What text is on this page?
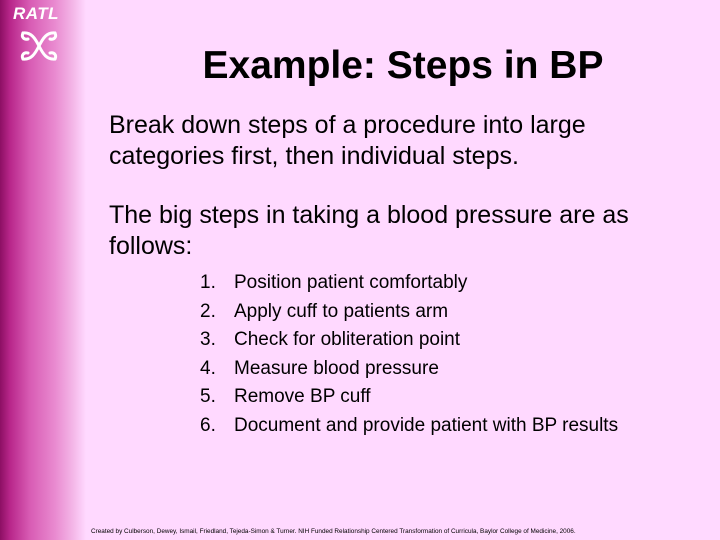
RATL
Example: Steps in BP
Break down steps of a procedure into large categories first, then individual steps.
The big steps in taking a blood pressure are as follows:
1. Position patient comfortably
2. Apply cuff to patients arm
3. Check for obliteration point
4. Measure blood pressure
5. Remove BP cuff
6. Document and provide patient with BP results
Created by Culberson, Dewey, Ismail, Friedland, Tejeda-Simon & Turner. NIH Funded Relationship Centered Transformation of Curricula, Baylor College of Medicine, 2006.
